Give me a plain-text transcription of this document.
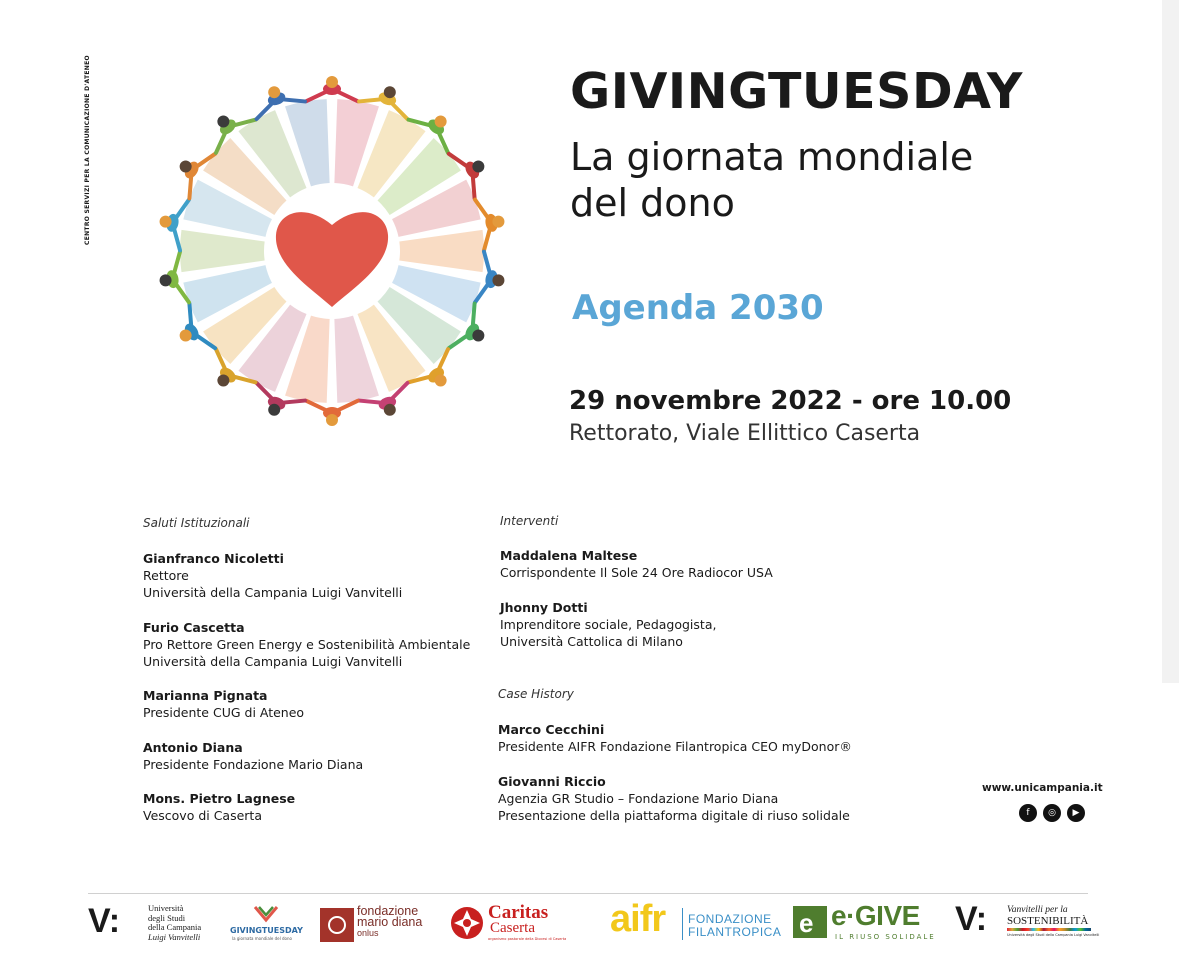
CENTRO SERVIZI PER LA COMUNICAZIONE D'ATENEO	GIVINGTUESDAY
La giornata mondiale
del dono
Agenda 2030
29 novembre 2022 - ore 10.00
Rettorato, Viale Ellittico Caserta
Saluti Istituzionali
Gianfranco Nicoletti
Rettore
Università della Campania Luigi Vanvitelli
Furio Cascetta
Pro Rettore Green Energy e Sostenibilità Ambientale
Università della Campania Luigi Vanvitelli
Marianna Pignata
Presidente CUG di Ateneo
Antonio Diana
Presidente Fondazione Mario Diana
Mons. Pietro Lagnese
Vescovo di Caserta
Interventi
Maddalena Maltese
Corrispondente Il Sole 24 Ore Radiocor USA
Jhonny Dotti
Imprenditore sociale, Pedagogista,
Università Cattolica di Milano
Case History
Marco Cecchini
Presidente AIFR Fondazione Filantropica CEO myDonor®
Giovanni Riccio
Agenzia GR Studio – Fondazione Mario Diana
Presentazione della piattaforma digitale di riuso solidale
www.unicampania.it
f	◎	▶
V:	Università
degli Studi
della Campania
Luigi Vanvitelli
GIVINGTUESDAY
la giornata mondiale del dono
fondazione
mario diana
onlus
Caritas
Caserta
organismo pastorale della Diocesi di Caserta aifr FONDAZIONE
FILANTROPICA e e·GIVE
IL RIUSO SOLIDALE V: Vanvitelli per la
SOSTENIBILITÀ
Università degli Studi della Campania Luigi Vanvitelli
